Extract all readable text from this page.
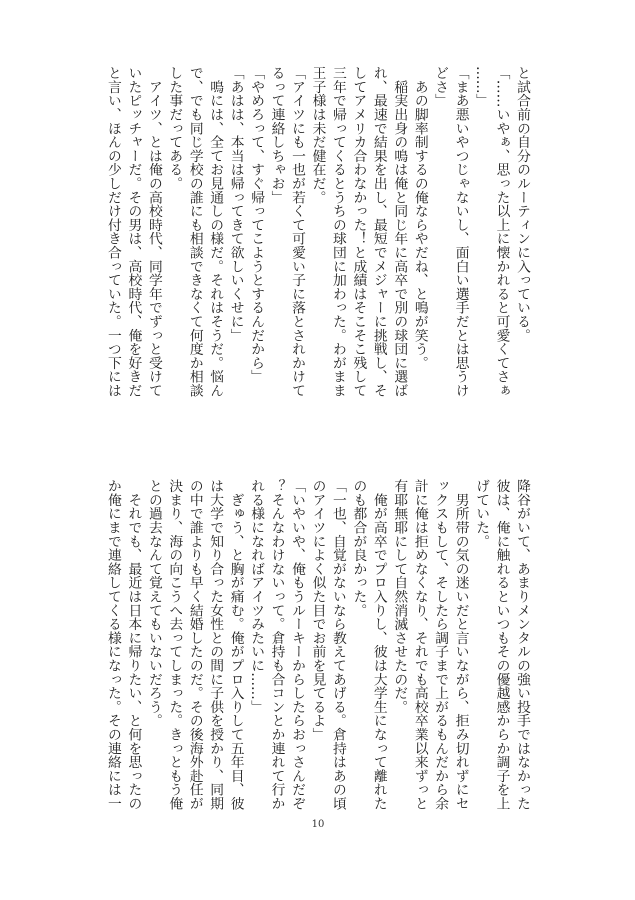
と試合前の自分のルーティンに入っている。
「……いやぁ、思った以上に懐かれると可愛くてさぁ
……」
「まあ悪いやつじゃないし、面白い選手だとは思うけ
どさ」
　あの脚率制するの俺ならやだね、と鳴が笑う。
　稲実出身の鳴は俺と同じ年に高卒で別の球団に選ば
れ、最速で結果を出し、最短でメジャーに挑戦し、そ
してアメリカ合わなかった！と成績はそこそこ残して
三年で帰ってくるとうちの球団に加わった。わがまま
王子様は未だ健在だ。
「アイツにも一也が若くて可愛い子に落とされかけて
るって連絡しちゃお」
「やめろって、すぐ帰ってこようとするんだから」
「あはは、本当は帰ってきて欲しいくせに」
　鳴には、全てお見通しの様だ。それはそうだ。悩ん
で、でも同じ学校の誰にも相談できなくて何度か相談
した事だってある。
　アイツ、とは俺の高校時代、同学年でずっと受けて
いたピッチャーだ。その男は、高校時代、俺を好きだ
と言い、ほんの少しだけ付き合っていた。一つ下には
降谷がいて、あまりメンタルの強い投手ではなかった
彼は、俺に触れるといつもその優越感からか調子を上
げていた。
　男所帯の気の迷いだと言いながら、拒み切れずにセ
ックスもして、そしたら調子まで上がるもんだから余
計に俺は拒めなくなり、それでも高校卒業以来ずっと
有耶無耶にして自然消滅させたのだ。
　俺が高卒でプロ入りし、彼は大学生になって離れた
のも都合が良かった。
「一也、自覚がないなら教えてあげる。倉持はあの頃
のアイツによく似た目でお前を見てるよ」
「いやいや、俺もうルーキーからしたらおっさんだぞ
？そんなわけないって。倉持も合コンとか連れて行か
れる様になればアイツみたいに……」
　ぎゅう、と胸が痛む。俺がプロ入りして五年目、彼
は大学で知り合った女性との間に子供を授かり、同期
の中で誰よりも早く結婚したのだ。その後海外赴任が
決まり、海の向こうへ去ってしまった。きっともう俺
との過去なんて覚えてもいないだろう。
　それでも、最近は日本に帰りたい、と何を思ったの
か俺にまで連絡してくる様になった。その連絡には一
10
